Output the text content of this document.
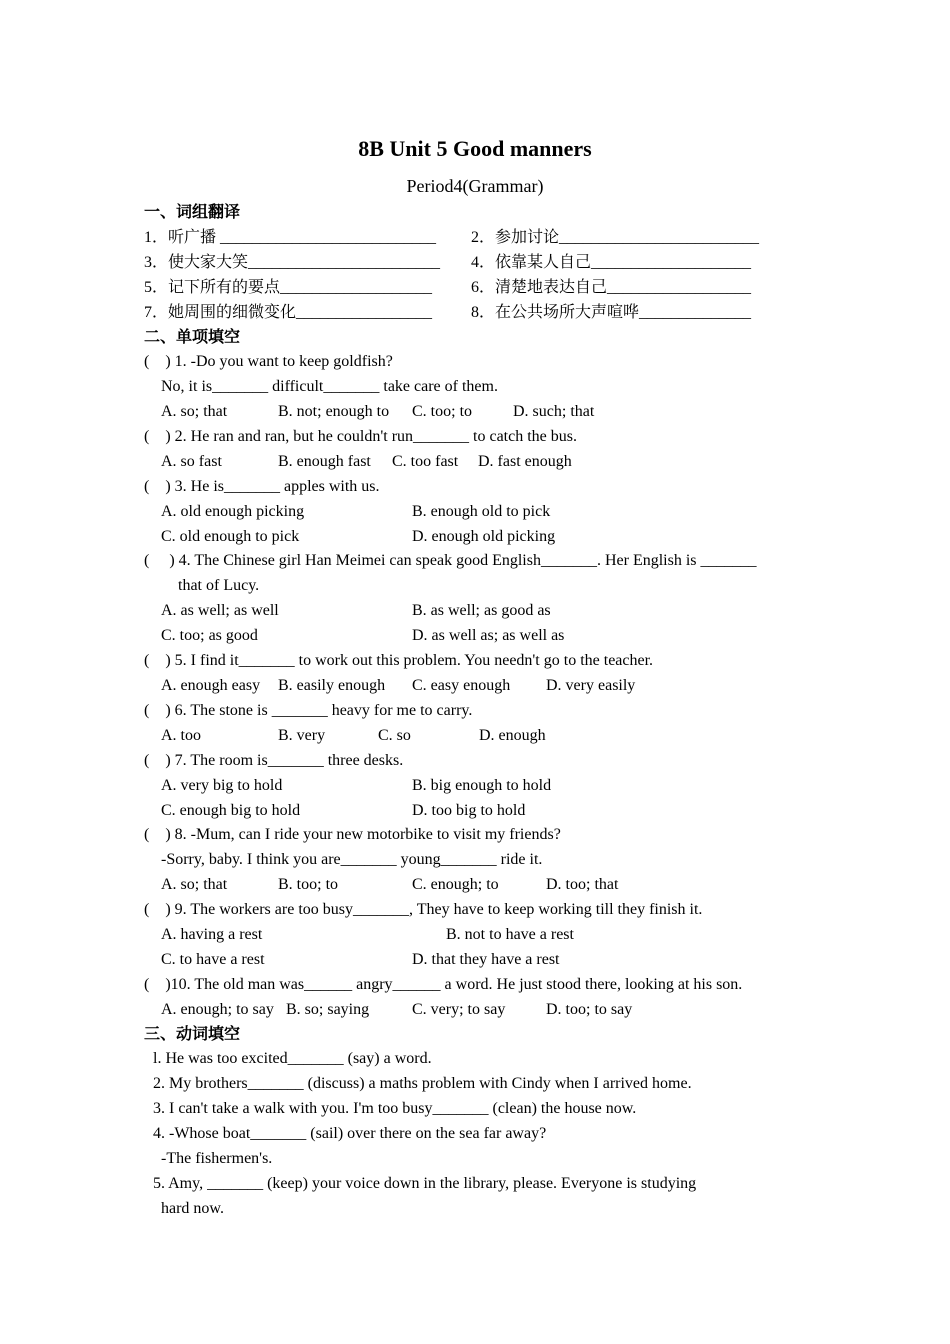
8B Unit 5 Good manners
Period4(Grammar)
一、词组翻译
1．听广播 ___________________________ 2．参加讨论_________________________
3．使大家大笑________________________ 4．依靠某人自己____________________
5．记下所有的要点___________________ 6．清楚地表达自己__________________
7．她周围的细微变化_________________ 8．在公共场所大声喧哗______________
二、单项填空
(    ) 1. -Do you want to keep goldfish?
No, it is_______ difficult_______ take care of them.
A. so; that	B. not; enough to C. too; to	D. such; that
(    ) 2. He ran and ran, but he couldn't run_______ to catch the bus.
A. so fast	B. enough fast C. too fast D. fast enough
(    ) 3. He is_______ apples with us.
A. old enough picking	B. enough old to pick
C. old enough to pick	D. enough old picking
(     ) 4. The Chinese girl Han Meimei can speak good English_______. Her English is _______
that of Lucy.
A. as well; as well	B. as well; as good as
C. too; as good	D. as well as; as well as
(    ) 5. I find it_______ to work out this problem. You needn't go to the teacher.
A. enough easy B. easily enough C. easy enough D. very easily
(    ) 6. The stone is _______ heavy for me to carry.
A. too	B. very	C. so	D. enough
(    ) 7. The room is_______ three desks.
A. very big to hold	B. big enough to hold
C. enough big to hold	D. too big to hold
(    ) 8. -Mum, can I ride your new motorbike to visit my friends?
-Sorry, baby. I think you are_______ young_______ ride it.
A. so; that	B. too; to	C. enough; to	D. too; that
(    ) 9. The workers are too busy_______, They have to keep working till they finish it.
A. having a rest	B. not to have a rest
C. to have a rest	D. that they have a rest
(    )10. The old man was______ angry______ a word. He just stood there, looking at his son.
A. enough; to say B. so; saying	C. very; to say	D. too; to say
三、动词填空
l. He was too excited_______ (say) a word.
2. My brothers_______ (discuss) a maths problem with Cindy when I arrived home.
3. I can't take a walk with you. I'm too busy_______ (clean) the house now.
4. -Whose boat_______ (sail) over there on the sea far away?
-The fishermen's.
5. Amy, _______ (keep) your voice down in the library, please. Everyone is studying
hard now.
